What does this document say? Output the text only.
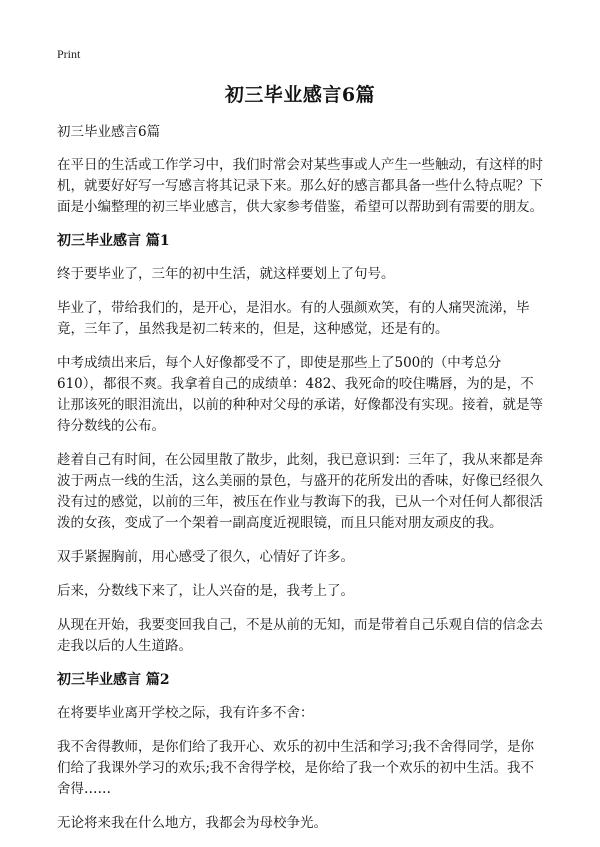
Print
初三毕业感言6篇

初三毕业感言6篇

在平日的生活或工作学习中，我们时常会对某些事或人产生一些触动，有这样的时机，就要好好写一写感言将其记录下来。那么好的感言都具备一些什么特点呢？下面是小编整理的初三毕业感言，供大家参考借鉴，希望可以帮助到有需要的朋友。

初三毕业感言 篇1

终于要毕业了，三年的初中生活，就这样要划上了句号。

毕业了，带给我们的，是开心，是泪水。有的人强颜欢笑，有的人痛哭流涕，毕竟，三年了，虽然我是初二转来的，但是，这种感觉，还是有的。

中考成绩出来后，每个人好像都受不了，即使是那些上了500的（中考总分610），都很不爽。我拿着自己的成绩单：482、我死命的咬住嘴唇，为的是，不让那该死的眼泪流出，以前的种种对父母的承诺，好像都没有实现。接着，就是等待分数线的公布。

趁着自己有时间，在公园里散了散步，此刻，我已意识到：三年了，我从来都是奔波于两点一线的生活，这么美丽的景色，与盛开的花所发出的香味，好像已经很久没有过的感觉，以前的三年，被压在作业与教诲下的我，已从一个对任何人都很活泼的女孩，变成了一个架着一副高度近视眼镜，而且只能对朋友顽皮的我。

双手紧握胸前，用心感受了很久，心情好了许多。

后来，分数线下来了，让人兴奋的是，我考上了。

从现在开始，我要变回我自己，不是从前的无知，而是带着自己乐观自信的信念去走我以后的人生道路。

初三毕业感言 篇2

在将要毕业离开学校之际，我有许多不舍：

我不舍得教师，是你们给了我开心、欢乐的初中生活和学习;我不舍得同学，是你们给了我课外学习的欢乐;我不舍得学校，是你给了我一个欢乐的初中生活。我不舍得……

无论将来我在什么地方，我都会为母校争光。
